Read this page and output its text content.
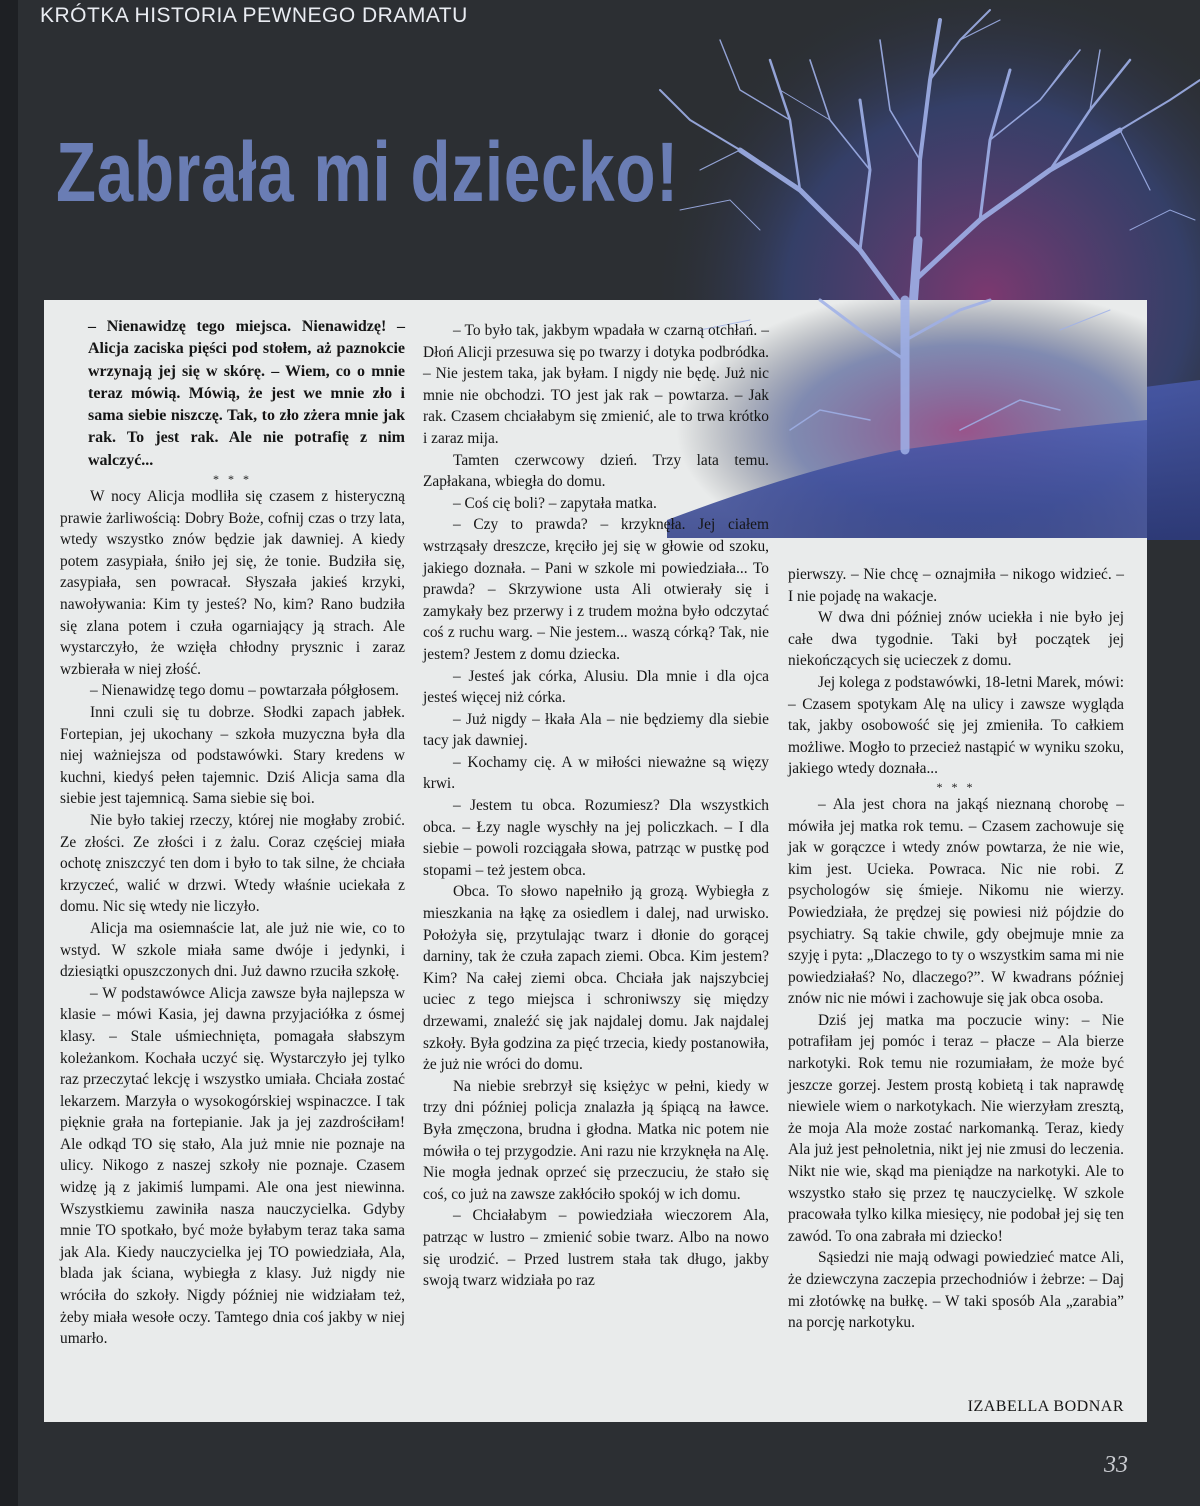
KRÓTKA HISTORIA PEWNEGO DRAMATU
Zabrała mi dziecko!

– Nienawidzę tego miejsca. Nienawidzę! – Alicja zaciska pięści pod stołem, aż paznokcie wrzynają jej się w skórę. – Wiem, co o mnie teraz mówią. Mówią, że jest we mnie zło i sama siebie niszczę. Tak, to zło zżera mnie jak rak. To jest rak. Ale nie potrafię z nim walczyć...

* * *

W nocy Alicja modliła się czasem z histeryczną prawie żarliwością: Dobry Boże, cofnij czas o trzy lata, wtedy wszystko znów będzie jak dawniej. A kiedy potem zasypiała, śniło jej się, że tonie. Budziła się, zasypiała, sen powracał. Słyszała jakieś krzyki, nawoływania: Kim ty jesteś? No, kim? Rano budziła się zlana potem i czuła ogarniający ją strach. Ale wystarczyło, że wzięła chłodny prysznic i zaraz wzbierała w niej złość.

– Nienawidzę tego domu – powtarzała półgłosem.

Inni czuli się tu dobrze. Słodki zapach jabłek. Fortepian, jej ukochany – szkoła muzyczna była dla niej ważniejsza od podstawówki. Stary kredens w kuchni, kiedyś pełen tajemnic. Dziś Alicja sama dla siebie jest tajemnicą. Sama siebie się boi.

Nie było takiej rzeczy, której nie mogłaby zrobić. Ze złości. Ze złości i z żalu. Coraz częściej miała ochotę zniszczyć ten dom i było to tak silne, że chciała krzyczeć, walić w drzwi. Wtedy właśnie uciekała z domu. Nic się wtedy nie liczyło.

Alicja ma osiemnaście lat, ale już nie wie, co to wstyd. W szkole miała same dwóje i jedynki, i dziesiątki opuszczonych dni. Już dawno rzuciła szkołę.

– W podstawówce Alicja zawsze była najlepsza w klasie – mówi Kasia, jej dawna przyjaciółka z ósmej klasy. – Stale uśmiechnięta, pomagała słabszym koleżankom. Kochała uczyć się. Wystarczyło jej tylko raz przeczytać lekcję i wszystko umiała. Chciała zostać lekarzem. Marzyła o wysokogórskiej wspinaczce. I tak pięknie grała na fortepianie. Jak ja jej zazdrościłam! Ale odkąd TO się stało, Ala już mnie nie poznaje na ulicy. Nikogo z naszej szkoły nie poznaje. Czasem widzę ją z jakimiś lumpami. Ale ona jest niewinna. Wszystkiemu zawiniła nasza nauczycielka. Gdyby mnie TO spotkało, być może byłabym teraz taka sama jak Ala. Kiedy nauczycielka jej TO powiedziała, Ala, blada jak ściana, wybiegła z klasy. Już nigdy nie wróciła do szkoły. Nigdy później nie widziałam też, żeby miała wesołe oczy. Tamtego dnia coś jakby w niej umarło.

– To było tak, jakbym wpadała w czarną otchłań. – Dłoń Alicji przesuwa się po twarzy i dotyka podbródka. – Nie jestem taka, jak byłam. I nigdy nie będę. Już nic mnie nie obchodzi. TO jest jak rak – powtarza. – Jak rak. Czasem chciałabym się zmienić, ale to trwa krótko i zaraz mija.

Tamten czerwcowy dzień. Trzy lata temu. Zapłakana, wbiegła do domu.

– Coś cię boli? – zapytała matka.

– Czy to prawda? – krzyknęła. Jej ciałem wstrząsały dreszcze, kręciło jej się w głowie od szoku, jakiego doznała. – Pani w szkole mi powiedziała... To prawda? – Skrzywione usta Ali otwierały się i zamykały bez przerwy i z trudem można było odczytać coś z ruchu warg. – Nie jestem... waszą córką? Tak, nie jestem? Jestem z domu dziecka.

– Jesteś jak córka, Alusiu. Dla mnie i dla ojca jesteś więcej niż córka.

– Już nigdy – łkała Ala – nie będziemy dla siebie tacy jak dawniej.

– Kochamy cię. A w miłości nieważne są więzy krwi.

– Jestem tu obca. Rozumiesz? Dla wszystkich obca. – Łzy nagle wyschły na jej policzkach. – I dla siebie – powoli rozciągała słowa, patrząc w pustkę pod stopami – też jestem obca.

Obca. To słowo napełniło ją grozą. Wybiegła z mieszkania na łąkę za osiedlem i dalej, nad urwisko. Położyła się, przytulając twarz i dłonie do gorącej darniny, tak że czuła zapach ziemi. Obca. Kim jestem? Kim? Na całej ziemi obca. Chciała jak najszybciej uciec z tego miejsca i schroniwszy się między drzewami, znaleźć się jak najdalej domu. Jak najdalej szkoły. Była godzina za pięć trzecia, kiedy postanowiła, że już nie wróci do domu.

Na niebie srebrzył się księżyc w pełni, kiedy w trzy dni później policja znalazła ją śpiącą na ławce. Była zmęczona, brudna i głodna. Matka nic potem nie mówiła o tej przygodzie. Ani razu nie krzyknęła na Alę. Nie mogła jednak oprzeć się przeczuciu, że stało się coś, co już na zawsze zakłóciło spokój w ich domu.

– Chciałabym – powiedziała wieczorem Ala, patrząc w lustro – zmienić sobie twarz. Albo na nowo się urodzić. – Przed lustrem stała tak długo, jakby swoją twarz widziała po raz

pierwszy. – Nie chcę – oznajmiła – nikogo widzieć. – I nie pojadę na wakacje.

W dwa dni później znów uciekła i nie było jej całe dwa tygodnie. Taki był początek jej niekończących się ucieczek z domu.

Jej kolega z podstawówki, 18-letni Marek, mówi: – Czasem spotykam Alę na ulicy i zawsze wygląda tak, jakby osobowość się jej zmieniła. To całkiem możliwe. Mogło to przecież nastąpić w wyniku szoku, jakiego wtedy doznała...

* * *

– Ala jest chora na jakąś nieznaną chorobę – mówiła jej matka rok temu. – Czasem zachowuje się jak w gorączce i wtedy znów powtarza, że nie wie, kim jest. Ucieka. Powraca. Nic nie robi. Z psychologów się śmieje. Nikomu nie wierzy. Powiedziała, że prędzej się powiesi niż pójdzie do psychiatry. Są takie chwile, gdy obejmuje mnie za szyję i pyta: „Dlaczego to ty o wszystkim sama mi nie powiedziałaś? No, dlaczego?”. W kwadrans później znów nic nie mówi i zachowuje się jak obca osoba.

Dziś jej matka ma poczucie winy: – Nie potrafiłam jej pomóc i teraz – płacze – Ala bierze narkotyki. Rok temu nie rozumiałam, że może być jeszcze gorzej. Jestem prostą kobietą i tak naprawdę niewiele wiem o narkotykach. Nie wierzyłam zresztą, że moja Ala może zostać narkomanką. Teraz, kiedy Ala już jest pełnoletnia, nikt jej nie zmusi do leczenia. Nikt nie wie, skąd ma pieniądze na narkotyki. Ale to wszystko stało się przez tę nauczycielkę. W szkole pracowała tylko kilka miesięcy, nie podobał jej się ten zawód. To ona zabrała mi dziecko!

Sąsiedzi nie mają odwagi powiedzieć matce Ali, że dziewczyna zaczepia przechodniów i żebrze: – Daj mi złotówkę na bułkę. – W taki sposób Ala „zarabia” na porcję narkotyku.

IZABELLA BODNAR

33
